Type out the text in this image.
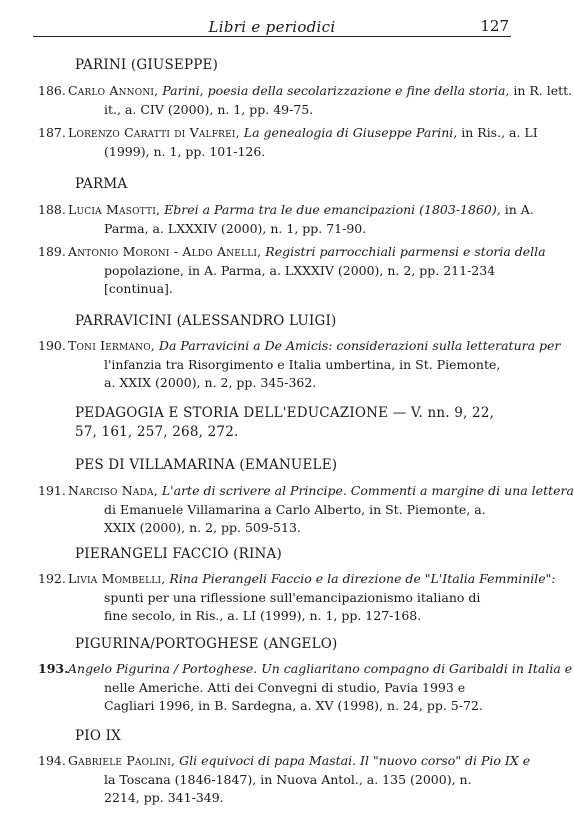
Libri e periodici	127
PARINI (GIUSEPPE)
186. Carlo Annoni, Parini, poesia della secolarizzazione e fine della storia, in R. lett.
it., a. CIV (2000), n. 1, pp. 49-75.
187. Lorenzo Caratti di Valfrei, La genealogia di Giuseppe Parini, in Ris., a. LI
(1999), n. 1, pp. 101-126.
PARMA
188. Lucia Masotti, Ebrei a Parma tra le due emancipazioni (1803-1860), in A.
Parma, a. LXXXIV (2000), n. 1, pp. 71-90.
189. Antonio Moroni - Aldo Anelli, Registri parrocchiali parmensi e storia della
popolazione, in A. Parma, a. LXXXIV (2000), n. 2, pp. 211-234 [continua].
PARRAVICINI (ALESSANDRO LUIGI)
190. Toni Iermano, Da Parravicini a De Amicis: considerazioni sulla letteratura per
l'infanzia tra Risorgimento e Italia umbertina, in St. Piemonte, a. XXIX (2000), n. 2, pp. 345-362.
PEDAGOGIA E STORIA DELL'EDUCAZIONE — V. nn. 9, 22, 57, 161, 257, 268, 272.
PES DI VILLAMARINA (EMANUELE)
191. Narciso Nada, L'arte di scrivere al Principe. Commenti a margine di una lettera
di Emanuele Villamarina a Carlo Alberto, in St. Piemonte, a. XXIX (2000), n. 2, pp. 509-513.
PIERANGELI FACCIO (RINA)
192. Livia Mombelli, Rina Pierangeli Faccio e la direzione de "L'Italia Femminile":
spunti per una riflessione sull'emancipazionismo italiano di fine secolo, in Ris., a. LI (1999), n. 1, pp. 127-168.
PIGURINA/PORTOGHESE (ANGELO)
193. Angelo Pigurina / Portoghese. Un cagliaritano compagno di Garibaldi in Italia e
nelle Americhe. Atti dei Convegni di studio, Pavia 1993 e Cagliari 1996, in B. Sardegna, a. XV (1998), n. 24, pp. 5-72.
PIO IX
194. Gabriele Paolini, Gli equivoci di papa Mastai. Il "nuovo corso" di Pio IX e
la Toscana (1846-1847), in Nuova Antol., a. 135 (2000), n. 2214, pp. 341-349.
